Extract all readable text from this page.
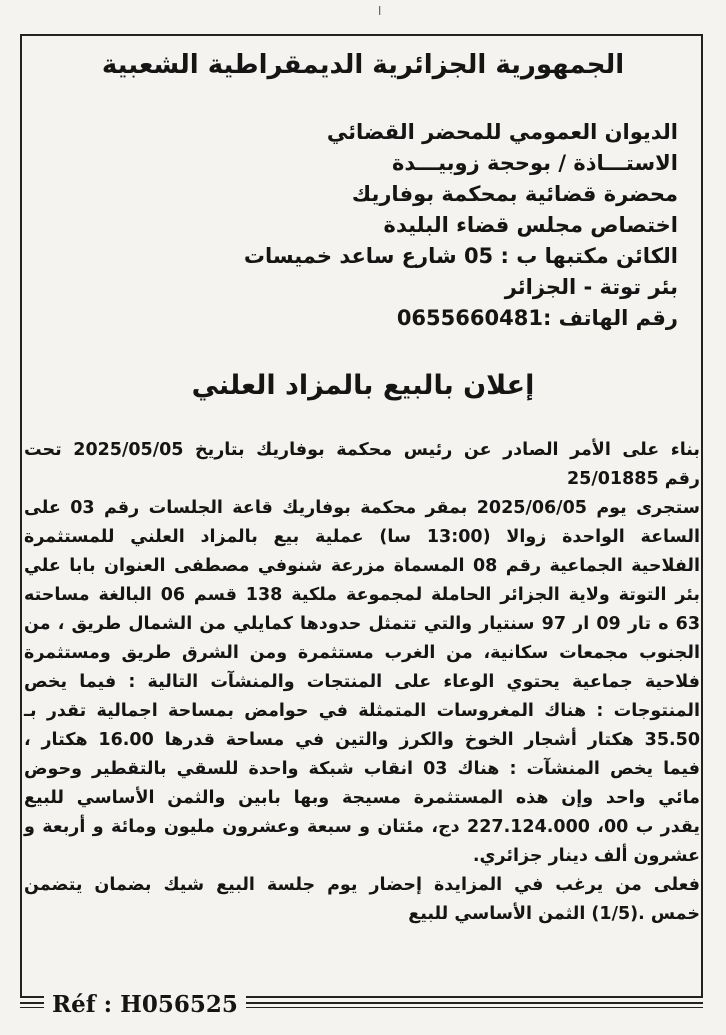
ا
الجمهورية الجزائرية الديمقراطية الشعبية
الديوان العمومي للمحضر القضائي
الاستـــاذة / بوحجة زوبيـــدة
محضرة قضائية بمحكمة بوفاريك
اختصاص مجلس قضاء البليدة
الكائن مكتبها ب : 05 شارع ساعد خميسات
بئر توتة - الجزائر
رقم الهاتف :0655660481
إعلان بالبيع بالمزاد العلني
بناء على الأمر الصادر عن رئيس محكمة بوفاريك بتاريخ 2025/05/05 تحت
رقم 25/01885
ستجرى يوم 2025/06/05 بمقر محكمة بوفاريك قاعة الجلسات رقم 03 على
الساعة الواحدة زوالا (13:00 سا) عملية بيع بالمزاد العلني للمستثمرة
الفلاحية الجماعية رقم 08 المسماة مزرعة شنوفي مصطفى العنوان بابا علي
بئر التوتة ولاية الجزائر الحاملة لمجموعة ملكية 138 قسم 06 البالغة مساحته
63 ه تار 09 ار 97 سنتيار والتي تتمثل حدودها كمايلي من الشمال طريق ، من
الجنوب مجمعات سكانية، من الغرب مستثمرة ومن الشرق طريق ومستثمرة
فلاحية جماعية يحتوي الوعاء على المنتجات والمنشآت التالية : فيما يخص
المنتوجات : هناك المغروسات المتمثلة في حوامض بمساحة اجمالية تقدر بـ
35.50 هكتار أشجار الخوخ والكرز والتين في مساحة قدرها 16.00 هكتار ،
فيما يخص المنشآت : هناك 03 انقاب شبكة واحدة للسقي بالتقطير وحوض
مائي واحد وإن هذه المستثمرة مسيجة وبها بابين والثمن الأساسي للبيع
يقدر ب 00، 227.124.000 دج، مئتان و سبعة وعشرون مليون ومائة و أربعة و
عشرون ألف دينار جزائري.
فعلى من يرغب في المزايدة إحضار يوم جلسة البيع شيك بضمان يتضمن
خمس .(1/5) الثمن الأساسي للبيع
Réf : H056525
